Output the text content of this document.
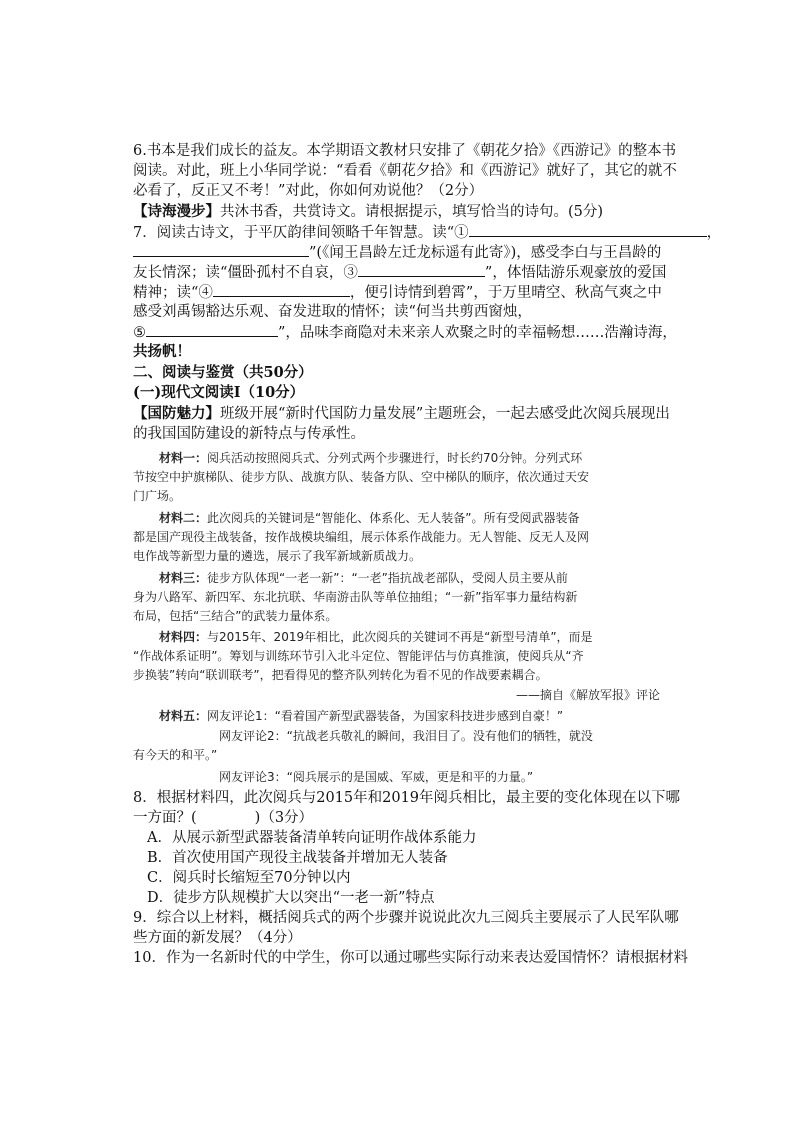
6.书本是我们成长的益友。本学期语文教材只安排了《朝花夕拾》《西游记》的整本书
阅读。对此，班上小华同学说：“看看《朝花夕拾》和《西游记》就好了，其它的就不
必看了，反正又不考！”对此，你如何劝说他？（2分）
【诗海漫步】共沐书香，共赏诗文。请根据提示，填写恰当的诗句。(5分)
7．阅读古诗文，于平仄韵律间领略千年智慧。读“①	，
”(《闻王昌龄左迁龙标遥有此寄》)，感受李白与王昌龄的
友长情深；读“僵卧孤村不自哀，③	”，体悟陆游乐观豪放的爱国
精神；读“④	，便引诗情到碧霄”，于万里晴空、秋高气爽之中
感受刘禹锡豁达乐观、奋发进取的情怀；读“何当共剪西窗烛，
⑤	”，品味李商隐对未来亲人欢聚之时的幸福畅想……浩瀚诗海，
共扬帆！
二、阅读与鉴赏（共50分）
(一)现代文阅读Ⅰ（10分）
【国防魅力】班级开展“新时代国防力量发展”主题班会，一起去感受此次阅兵展现出
的我国国防建设的新特点与传承性。
材料一：阅兵活动按照阅兵式、分列式两个步骤进行，时长约70分钟。分列式环
节按空中护旗梯队、徒步方队、战旗方队、装备方队、空中梯队的顺序，依次通过天安
门广场。
材料二：此次阅兵的关键词是“智能化、体系化、无人装备”。所有受阅武器装备
都是国产现役主战装备，按作战模块编组，展示体系作战能力。无人智能、反无人及网
电作战等新型力量的遴选，展示了我军新域新质战力。
材料三：徒步方队体现“一老一新”：“一老”指抗战老部队，受阅人员主要从前
身为八路军、新四军、东北抗联、华南游击队等单位抽组；“一新”指军事力量结构新
布局，包括“三结合”的武装力量体系。
材料四：与2015年、2019年相比，此次阅兵的关键词不再是“新型号清单”，而是
“作战体系证明”。筹划与训练环节引入北斗定位、智能评估与仿真推演，使阅兵从“齐
步换装”转向“联训联考”，把看得见的整齐队列转化为看不见的作战要素耦合。
——摘自《解放军报》评论
材料五：网友评论1：“看着国产新型武器装备，为国家科技进步感到自豪！”
网友评论2：“抗战老兵敬礼的瞬间，我泪目了。没有他们的牺牲，就没
有今天的和平。”
网友评论3：“阅兵展示的是国威、军威，更是和平的力量。”
8．根据材料四，此次阅兵与2015年和2019年阅兵相比，最主要的变化体现在以下哪
一方面？(　　　　)（3分）
A．从展示新型武器装备清单转向证明作战体系能力
B．首次使用国产现役主战装备并增加无人装备
C．阅兵时长缩短至70分钟以内
D．徒步方队规模扩大以突出“一老一新”特点
9．综合以上材料，概括阅兵式的两个步骤并说说此次九三阅兵主要展示了人民军队哪
些方面的新发展？（4分）
10．作为一名新时代的中学生，你可以通过哪些实际行动来表达爱国情怀？请根据材料
